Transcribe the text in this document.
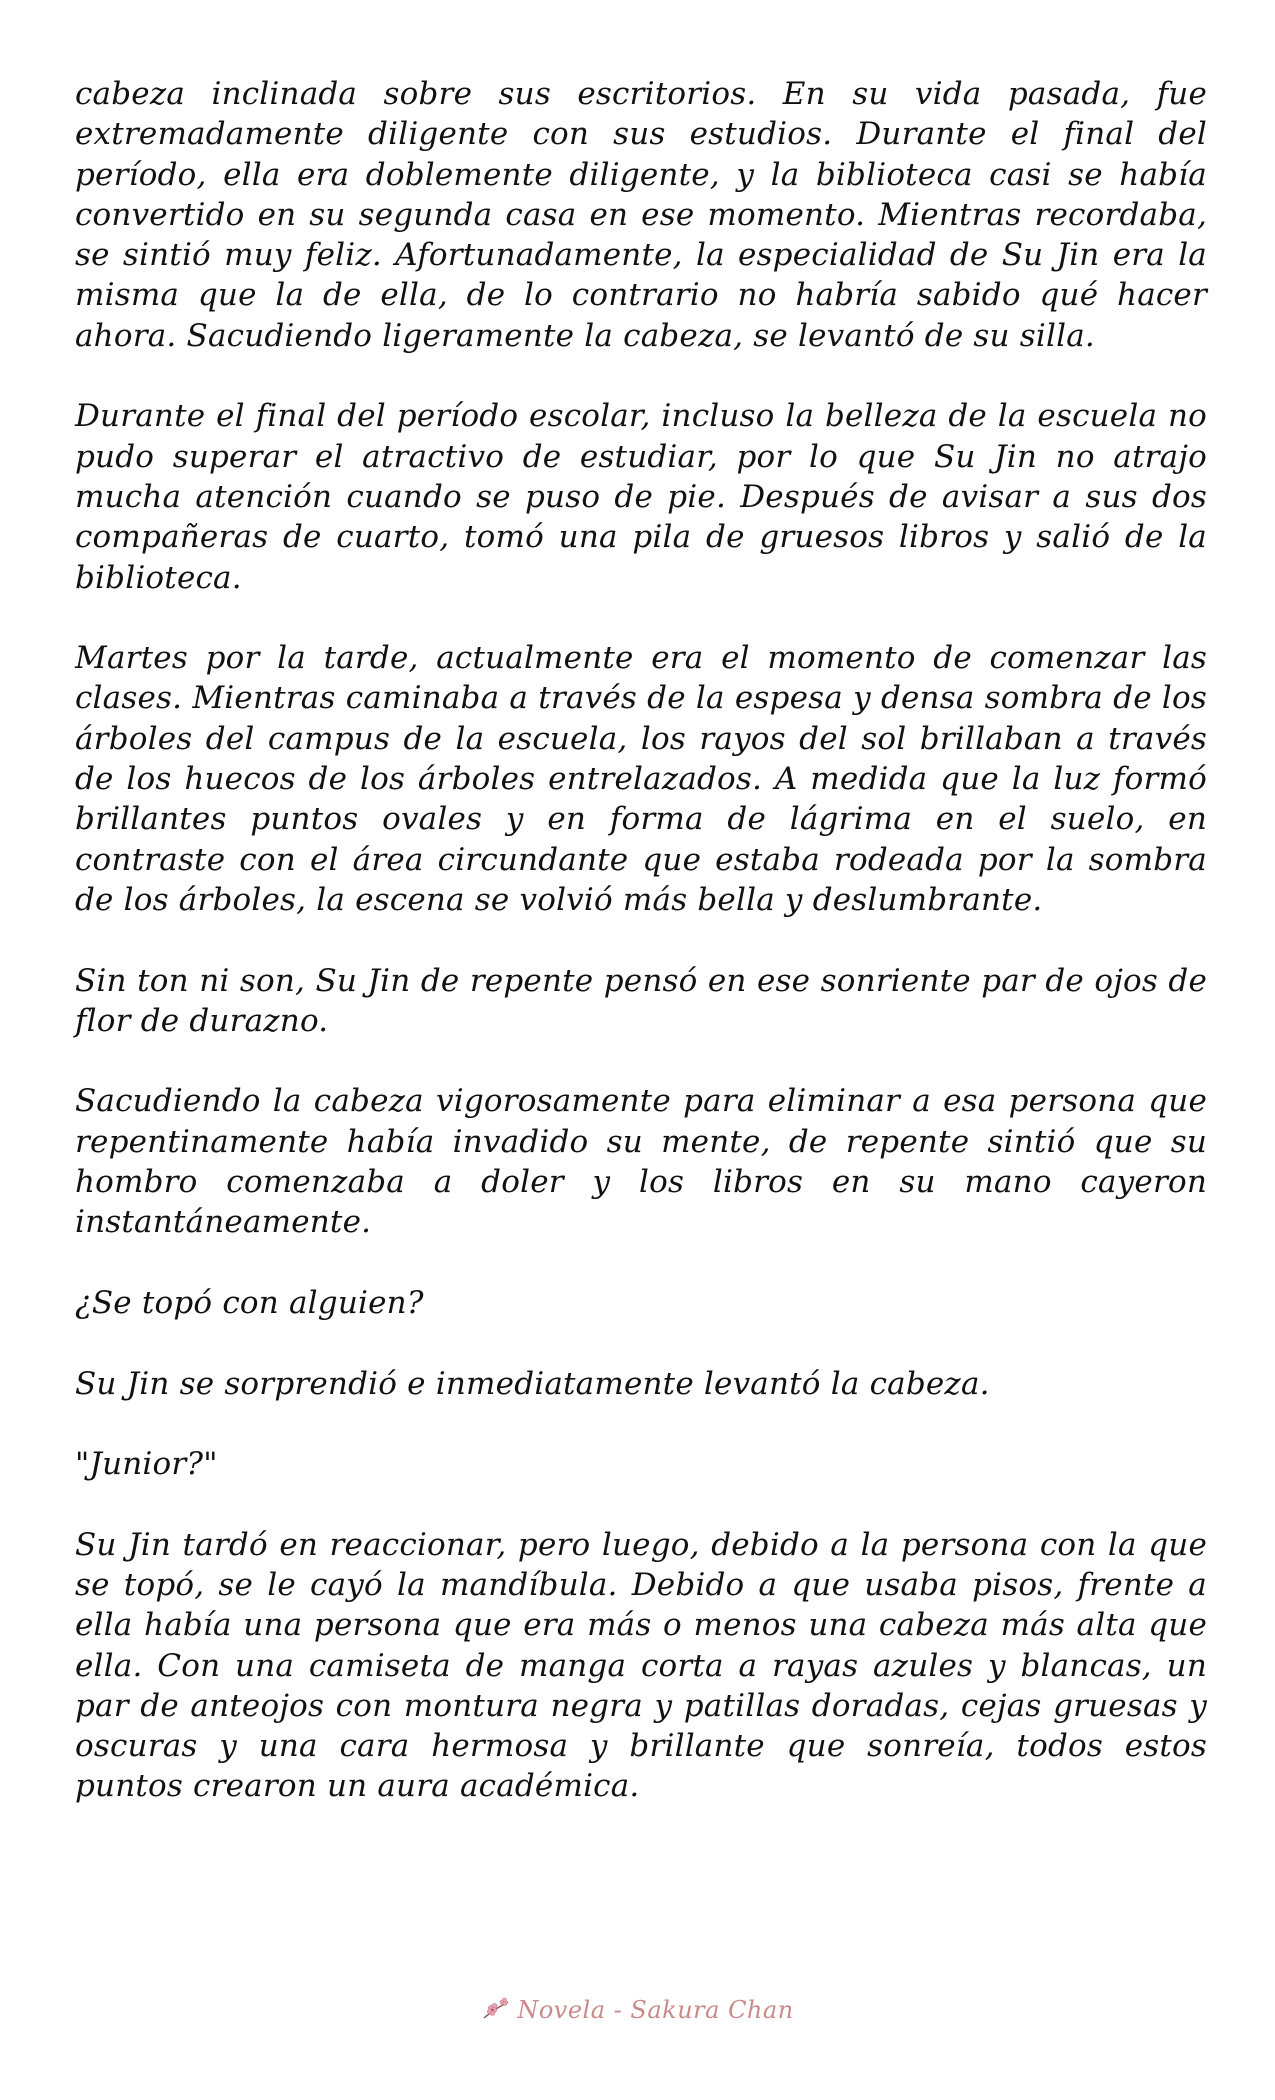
cabeza inclinada sobre sus escritorios. En su vida pasada, fue extremadamente diligente con sus estudios. Durante el final del período, ella era doblemente diligente, y la biblioteca casi se había convertido en su segunda casa en ese momento. Mientras recordaba, se sintió muy feliz. Afortunadamente, la especialidad de Su Jin era la misma que la de ella, de lo contrario no habría sabido qué hacer ahora. Sacudiendo ligeramente la cabeza, se levantó de su silla.

Durante el final del período escolar, incluso la belleza de la escuela no pudo superar el atractivo de estudiar, por lo que Su Jin no atrajo mucha atención cuando se puso de pie. Después de avisar a sus dos compañeras de cuarto, tomó una pila de gruesos libros y salió de la biblioteca.

Martes por la tarde, actualmente era el momento de comenzar las clases. Mientras caminaba a través de la espesa y densa sombra de los árboles del campus de la escuela, los rayos del sol brillaban a través de los huecos de los árboles entrelazados. A medida que la luz formó brillantes puntos ovales y en forma de lágrima en el suelo, en contraste con el área circundante que estaba rodeada por la sombra de los árboles, la escena se volvió más bella y deslumbrante.

Sin ton ni son, Su Jin de repente pensó en ese sonriente par de ojos de flor de durazno.

Sacudiendo la cabeza vigorosamente para eliminar a esa persona que repentinamente había invadido su mente, de repente sintió que su hombro comenzaba a doler y los libros en su mano cayeron instantáneamente.

¿Se topó con alguien?

Su Jin se sorprendió e inmediatamente levantó la cabeza.

"Junior?"

Su Jin tardó en reaccionar, pero luego, debido a la persona con la que se topó, se le cayó la mandíbula. Debido a que usaba pisos, frente a ella había una persona que era más o menos una cabeza más alta que ella. Con una camiseta de manga corta a rayas azules y blancas, un par de anteojos con montura negra y patillas doradas, cejas gruesas y oscuras y una cara hermosa y brillante que sonreía, todos estos puntos crearon un aura académica.

Novela - Sakura Chan
